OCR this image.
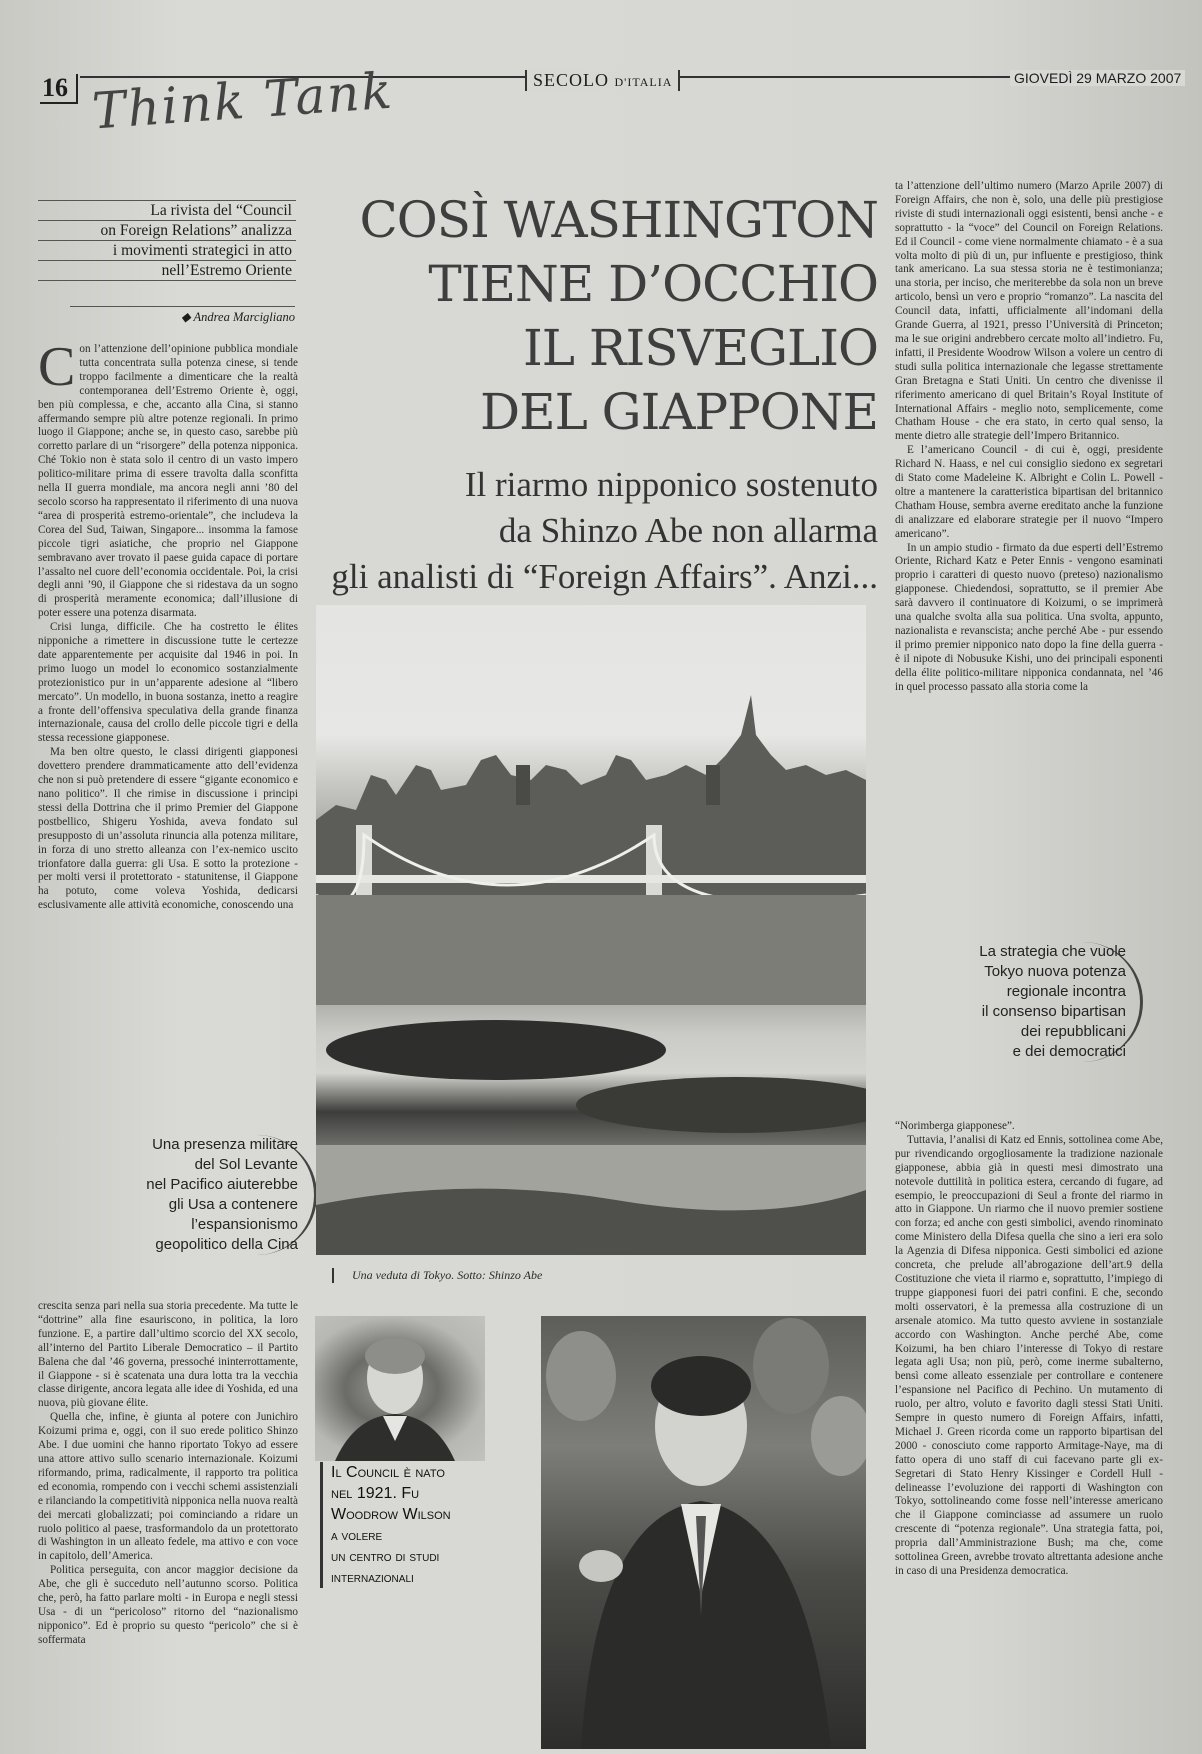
16 Think Tank	SECOLO D'ITALIA	GIOVEDÌ 29 MARZO 2007
La rivista del “Council
on Foreign Relations” analizza
i movimenti strategici in atto
nell’Estremo Oriente
◆ Andrea Marcigliano
COSÌ WASHINGTON
TIENE D’OCCHIO
IL RISVEGLIO
DEL GIAPPONE
Il riarmo nipponico sostenuto
da Shinzo Abe non allarma
gli analisti di “Foreign Affairs”. Anzi...

Con l’attenzione dell’opinione pubblica mondiale tutta concentrata sulla potenza cinese, si tende troppo facilmente a dimenticare che la realtà contemporanea dell’Estremo Oriente è, oggi, ben più complessa, e che, accanto alla Cina, si stanno affermando sempre più altre potenze regionali. In primo luogo il Giappone; anche se, in questo caso, sarebbe più corretto parlare di un “risorgere” della potenza nipponica. Ché Tokio non è stata solo il centro di un vasto impero politico-militare prima di essere travolta dalla sconfitta nella II guerra mondiale, ma ancora negli anni ’80 del secolo scorso ha rappresentato il riferimento di una nuova “area di prosperità estremo-orientale”, che includeva la Corea del Sud, Taiwan, Singapore... insomma la famose piccole tigri asiatiche, che proprio nel Giappone sembravano aver trovato il paese guida capace di portare l’assalto nel cuore dell’economia occidentale. Poi, la crisi degli anni ’90, il Giappone che si ridestava da un sogno di prosperità meramente economica; dall’illusione di poter essere una potenza disarmata.

Crisi lunga, difficile. Che ha costretto le élites nipponiche a rimettere in discussione tutte le certezze date apparentemente per acquisite dal 1946 in poi. In primo luogo un model lo economico sostanzialmente protezionistico pur in un’apparente adesione al “libero mercato”. Un modello, in buona sostanza, inetto a reagire a fronte dell’offensiva speculativa della grande finanza internazionale, causa del crollo delle piccole tigri e della stessa recessione giapponese.

Ma ben oltre questo, le classi dirigenti giapponesi dovettero prendere drammaticamente atto dell’evidenza che non si può pretendere di essere “gigante economico e nano politico”. Il che rimise in discussione i principi stessi della Dottrina che il primo Premier del Giappone postbellico, Shigeru Yoshida, aveva fondato sul presupposto di un’assoluta rinuncia alla potenza militare, in forza di uno stretto alleanza con l’ex-nemico uscito trionfatore dalla guerra: gli Usa. E sotto la protezione - per molti versi il protettorato - statunitense, il Giappone ha potuto, come voleva Yoshida, dedicarsi esclusivamente alle attività economiche, conoscendo una

Una presenza militare
del Sol Levante
nel Pacifico aiuterebbe
gli Usa a contenere
l’espansionismo
geopolitico della Cina

crescita senza pari nella sua storia precedente. Ma tutte le “dottrine” alla fine esauriscono, in politica, la loro funzione. E, a partire dall’ultimo scorcio del XX secolo, all’interno del Partito Liberale Democratico – il Partito Balena che dal ’46 governa, pressoché ininterrottamente, il Giappone - si è scatenata una dura lotta tra la vecchia classe dirigente, ancora legata alle idee di Yoshida, ed una nuova, più giovane élite.

Quella che, infine, è giunta al potere con Junichiro Koizumi prima e, oggi, con il suo erede politico Shinzo Abe. I due uomini che hanno riportato Tokyo ad essere una attore attivo sullo scenario internazionale. Koizumi riformando, prima, radicalmente, il rapporto tra politica ed economia, rompendo con i vecchi schemi assistenziali e rilanciando la competitività nipponica nella nuova realtà dei mercati globalizzati; poi cominciando a ridare un ruolo politico al paese, trasformandolo da un protettorato di Washington in un alleato fedele, ma attivo e con voce in capitolo, dell’America.

Politica perseguita, con ancor maggior decisione da Abe, che gli è succeduto nell’autunno scorso. Politica che, però, ha fatto parlare molti - in Europa e negli stessi Usa - di un “pericoloso” ritorno del “nazionalismo nipponico”. Ed è proprio su questo “pericolo” che si è soffermata

Una veduta di Tokyo. Sotto: Shinzo Abe
Il Council è nato
nel 1921. Fu
Woodrow Wilson
a volere
un centro di studi
internazionali

ta l’attenzione dell’ultimo numero (Marzo Aprile 2007) di Foreign Affairs, che non è, solo, una delle più prestigiose riviste di studi internazionali oggi esistenti, bensì anche - e soprattutto - la “voce” del Council on Foreign Relations. Ed il Council - come viene normalmente chiamato - è a sua volta molto di più di un, pur influente e prestigioso, think tank americano. La sua stessa storia ne è testimonianza; una storia, per inciso, che meriterebbe da sola non un breve articolo, bensì un vero e proprio “romanzo”. La nascita del Council data, infatti, ufficialmente all’indomani della Grande Guerra, al 1921, presso l’Università di Princeton; ma le sue origini andrebbero cercate molto all’indietro. Fu, infatti, il Presidente Woodrow Wilson a volere un centro di studi sulla politica internazionale che legasse strettamente Gran Bretagna e Stati Uniti. Un centro che divenisse il riferimento americano di quel Britain’s Royal Institute of International Affairs - meglio noto, semplicemente, come Chatham House - che era stato, in certo qual senso, la mente dietro alle strategie dell’Impero Britannico.

E l’americano Council - di cui è, oggi, presidente Richard N. Haass, e nel cui consiglio siedono ex segretari di Stato come Madeleine K. Albright e Colin L. Powell - oltre a mantenere la caratteristica bipartisan del britannico Chatham House, sembra averne ereditato anche la funzione di analizzare ed elaborare strategie per il nuovo “Impero americano”.

In un ampio studio - firmato da due esperti dell’Estremo Oriente, Richard Katz e Peter Ennis - vengono esaminati proprio i caratteri di questo nuovo (preteso) nazionalismo giapponese. Chiedendosi, soprattutto, se il premier Abe sarà davvero il continuatore di Koizumi, o se imprimerà una qualche svolta alla sua politica. Una svolta, appunto, nazionalista e revanscista; anche perché Abe - pur essendo il primo premier nipponico nato dopo la fine della guerra - è il nipote di Nobusuke Kishi, uno dei principali esponenti della élite politico-militare nipponica condannata, nel ’46 in quel processo passato alla storia come la

La strategia che vuole
Tokyo nuova potenza
regionale incontra
il consenso bipartisan
dei repubblicani
e dei democratici

“Norimberga giapponese”.

Tuttavia, l’analisi di Katz ed Ennis, sottolinea come Abe, pur rivendicando orgogliosamente la tradizione nazionale giapponese, abbia già in questi mesi dimostrato una notevole duttilità in politica estera, cercando di fugare, ad esempio, le preoccupazioni di Seul a fronte del riarmo in atto in Giappone. Un riarmo che il nuovo premier sostiene con forza; ed anche con gesti simbolici, avendo rinominato come Ministero della Difesa quella che sino a ieri era solo la Agenzia di Difesa nipponica. Gesti simbolici ed azione concreta, che prelude all’abrogazione dell’art.9 della Costituzione che vieta il riarmo e, soprattutto, l’impiego di truppe giapponesi fuori dei patri confini. E che, secondo molti osservatori, è la premessa alla costruzione di un arsenale atomico. Ma tutto questo avviene in sostanziale accordo con Washington. Anche perché Abe, come Koizumi, ha ben chiaro l’interesse di Tokyo di restare legata agli Usa; non più, però, come inerme subalterno, bensì come alleato essenziale per controllare e contenere l’espansione nel Pacifico di Pechino. Un mutamento di ruolo, per altro, voluto e favorito dagli stessi Stati Uniti. Sempre in questo numero di Foreign Affairs, infatti, Michael J. Green ricorda come un rapporto bipartisan del 2000 - conosciuto come rapporto Armitage-Naye, ma di fatto opera di uno staff di cui facevano parte gli ex-Segretari di Stato Henry Kissinger e Cordell Hull - delineasse l’evoluzione dei rapporti di Washington con Tokyo, sottolineando come fosse nell’interesse americano che il Giappone cominciasse ad assumere un ruolo crescente di “potenza regionale”. Una strategia fatta, poi, propria dall’Amministrazione Bush; ma che, come sottolinea Green, avrebbe trovato altrettanta adesione anche in caso di una Presidenza democratica.
